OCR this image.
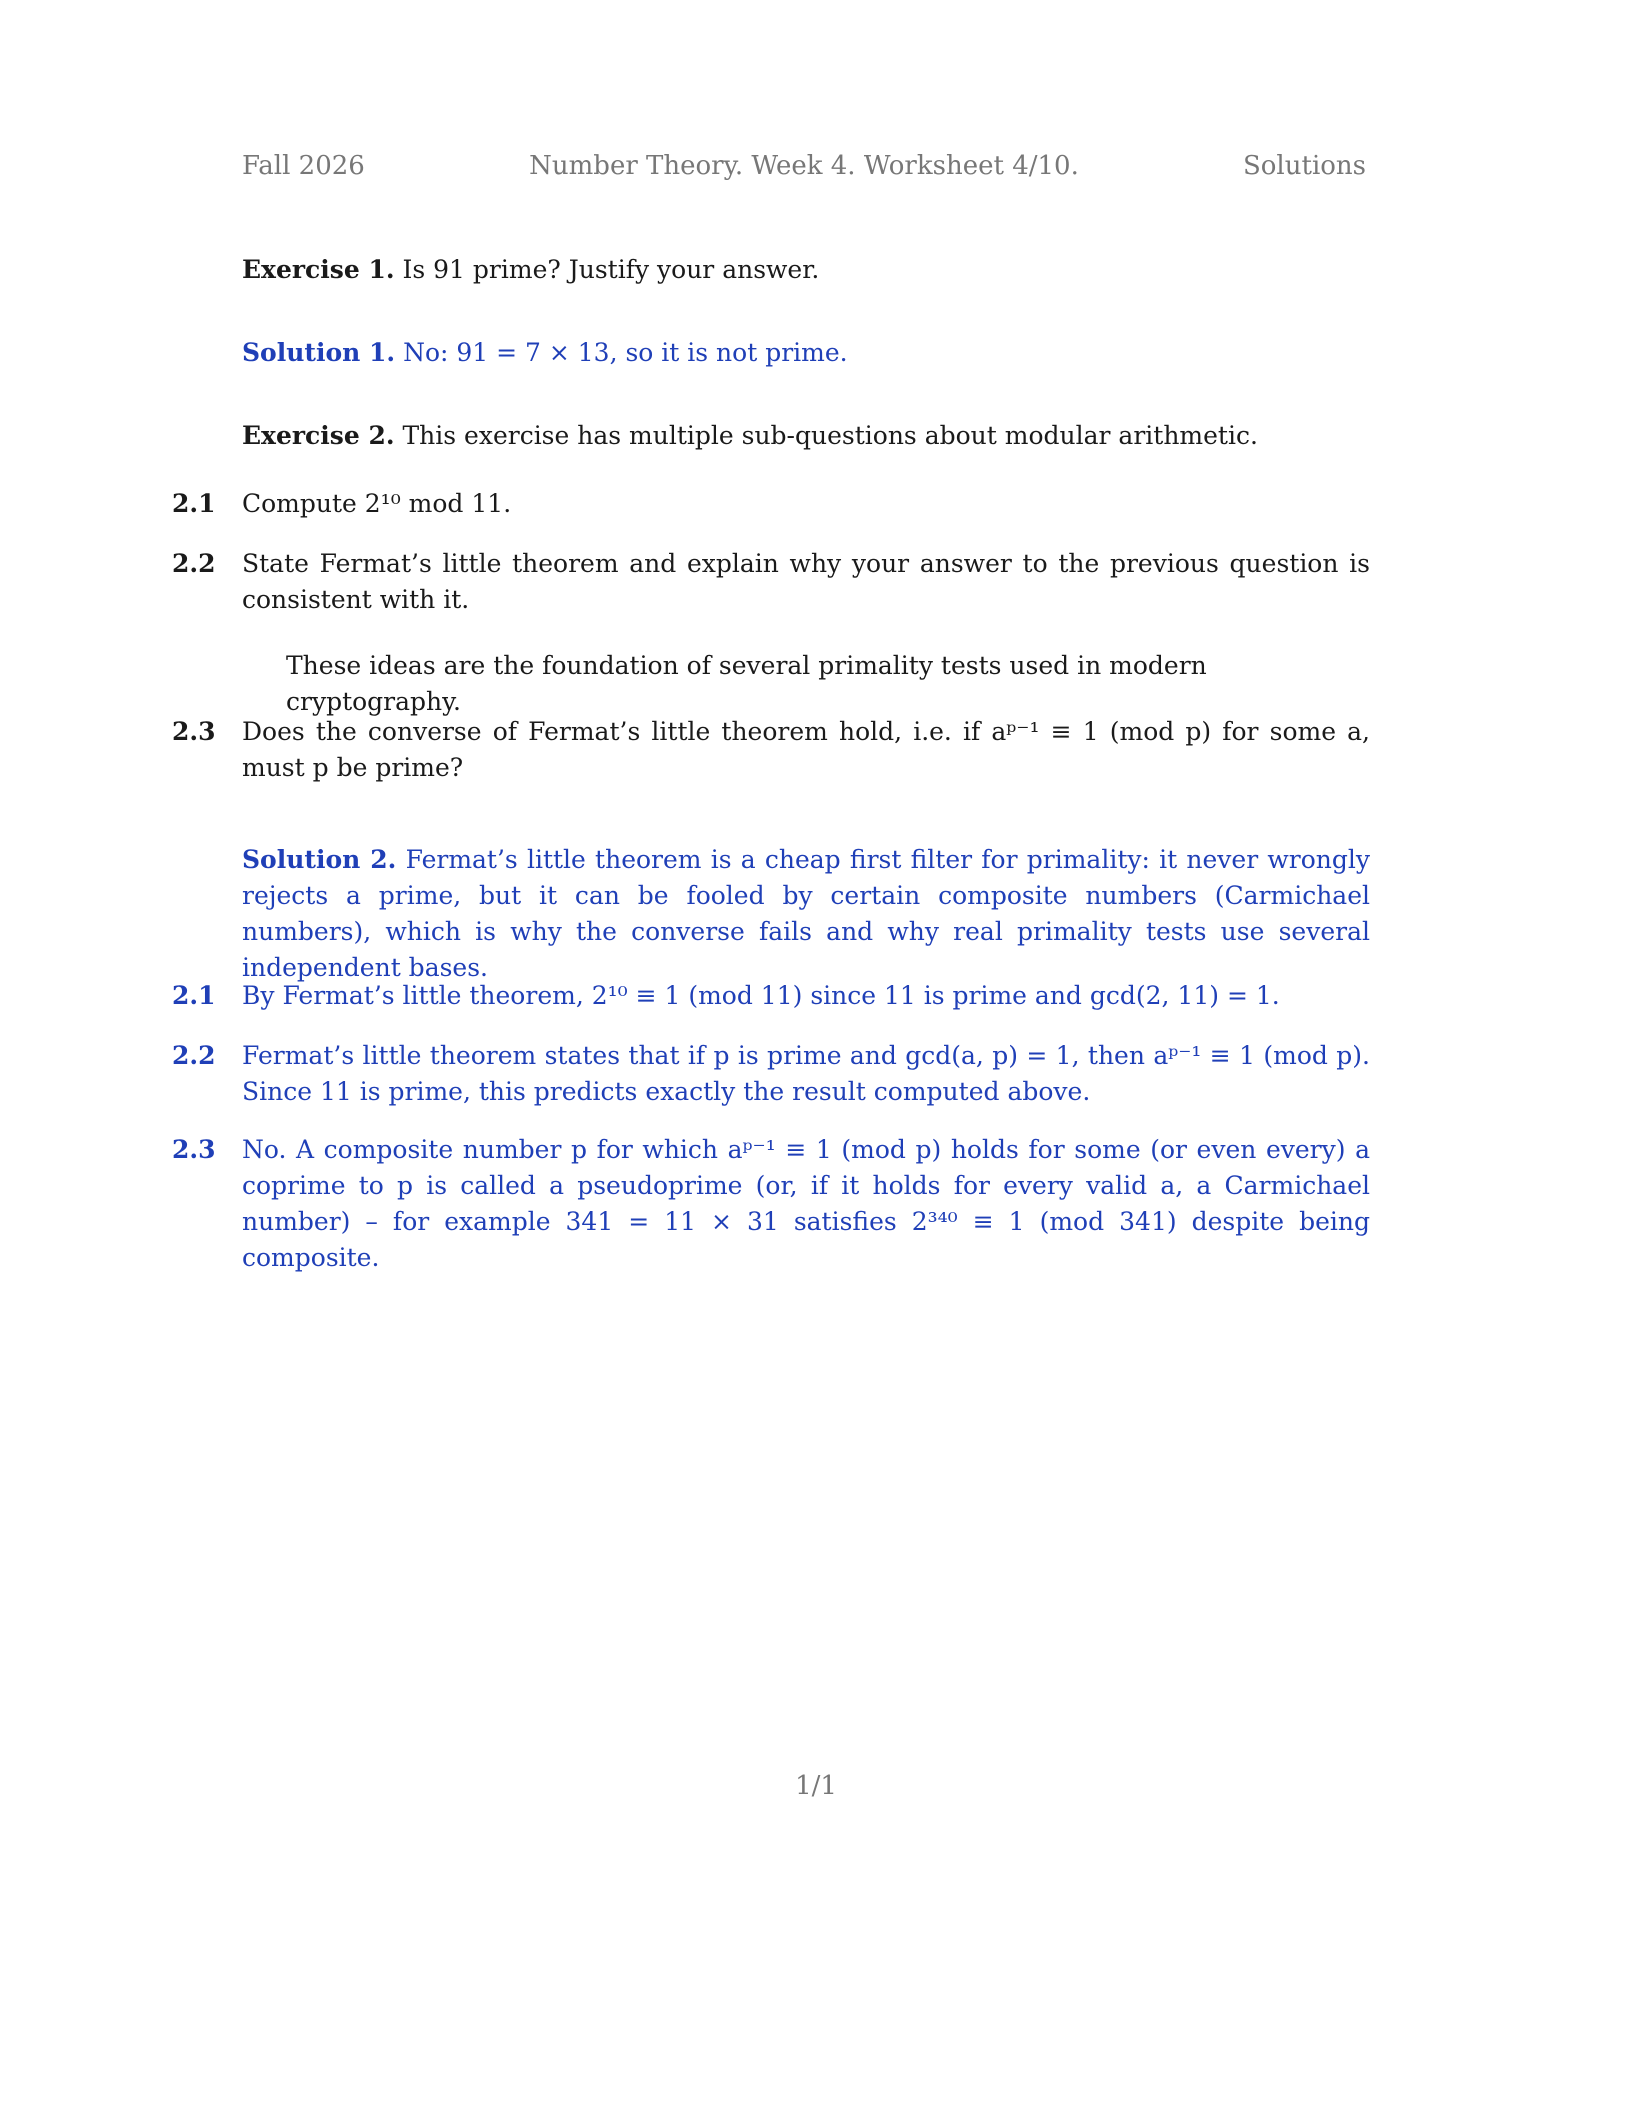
Fall 2026	Number Theory. Week 4. Worksheet 4/10.	Solutions
Exercise 1. Is 91 prime? Justify your answer.
Solution 1. No: 91 = 7 × 13, so it is not prime.
Exercise 2. This exercise has multiple sub-questions about modular arithmetic.
2.1 Compute 2¹⁰ mod 11.
2.2 State Fermat’s little theorem and explain why your answer to the previous question is consistent with it.
These ideas are the foundation of several primality tests used in modern cryptography.
2.3 Does the converse of Fermat’s little theorem hold, i.e. if aᵖ⁻¹ ≡ 1 (mod p) for some a, must p be prime?
Solution 2. Fermat’s little theorem is a cheap first filter for primality: it never wrongly rejects a prime, but it can be fooled by certain composite numbers (Carmichael numbers), which is why the converse fails and why real primality tests use several independent bases.
2.1 By Fermat’s little theorem, 2¹⁰ ≡ 1 (mod 11) since 11 is prime and gcd(2, 11) = 1.
2.2 Fermat’s little theorem states that if p is prime and gcd(a, p) = 1, then aᵖ⁻¹ ≡ 1 (mod p). Since 11 is prime, this predicts exactly the result computed above.
2.3 No. A composite number p for which aᵖ⁻¹ ≡ 1 (mod p) holds for some (or even every) a coprime to p is called a pseudoprime (or, if it holds for every valid a, a Carmichael number) – for example 341 = 11 × 31 satisfies 2³⁴⁰ ≡ 1 (mod 341) despite being composite.
1/1
